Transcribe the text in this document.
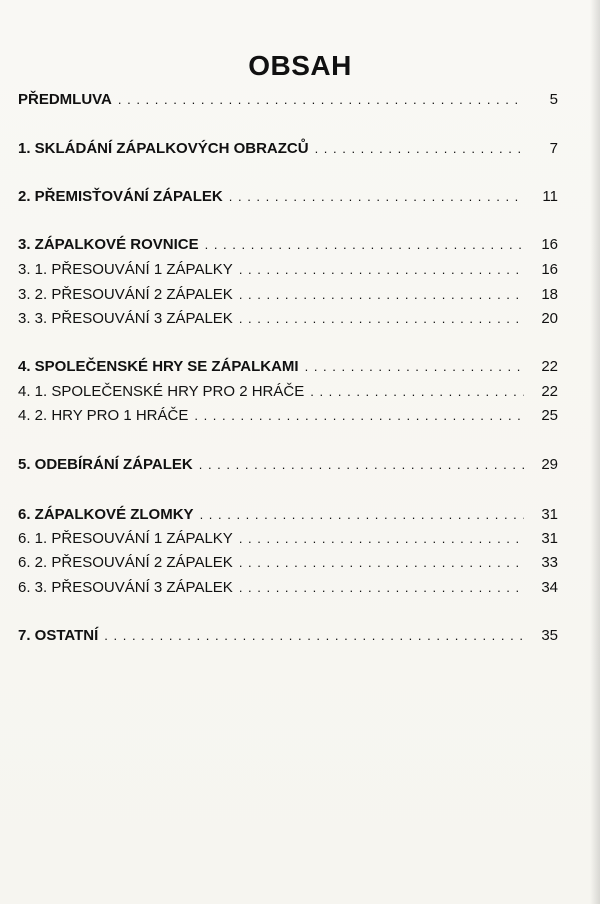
OBSAH
PŘEDMLUVA . . .	5
1. SKLÁDÁNÍ ZÁPALKOVÝCH OBRAZCŮ . . .	7
2. PŘEMISŤOVÁNÍ ZÁPALEK . . .	11
3. ZÁPALKOVÉ ROVNICE . . .	16
3. 1. PŘESOUVÁNÍ 1 ZÁPALKY . . .	16
3. 2. PŘESOUVÁNÍ 2 ZÁPALEK . . .	18
3. 3. PŘESOUVÁNÍ 3 ZÁPALEK . . .	20
4. SPOLEČENSKÉ HRY SE ZÁPALKAMI . . .	22
4. 1. SPOLEČENSKÉ HRY PRO 2 HRÁČE . . .	22
4. 2. HRY PRO 1 HRÁČE . . .	25
5. ODEBÍRÁNÍ ZÁPALEK . . .	29
6. ZÁPALKOVÉ ZLOMKY . . .	31
6. 1. PŘESOUVÁNÍ 1 ZÁPALKY . . .	31
6. 2. PŘESOUVÁNÍ 2 ZÁPALEK . . .	33
6. 3. PŘESOUVÁNÍ 3 ZÁPALEK . . .	34
7. OSTATNÍ . . .	35
